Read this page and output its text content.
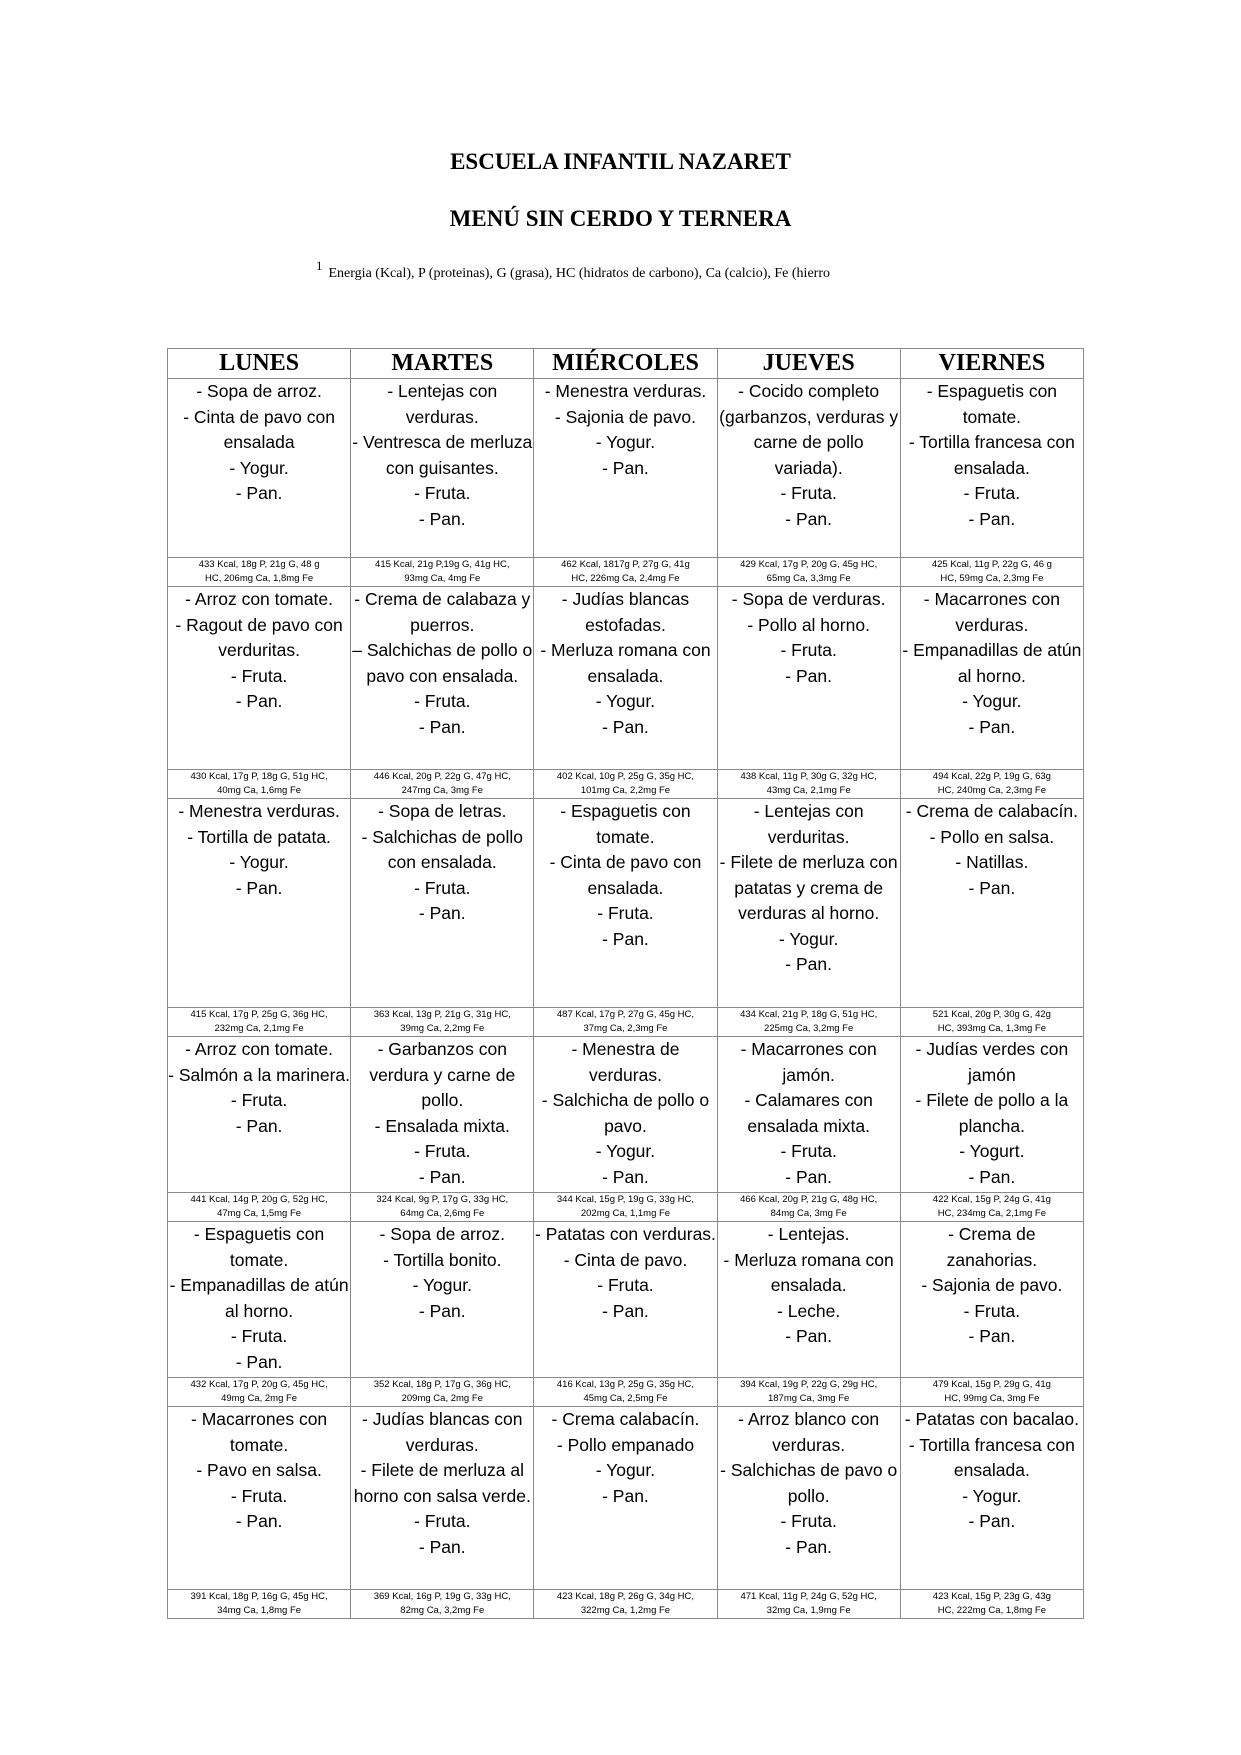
ESCUELA INFANTIL NAZARET
MENÚ SIN CERDO Y TERNERA
$^1$Energia (Kcal), P (proteinas), G (grasa), HC (hidratos de carbono), Ca (calcio), Fe (hierro
LUNES	MARTES	MIÉRCOLES	JUEVES	VIERNES

- Sopa de arroz.
- Cinta de pavo con ensalada
- Yogur.
- Pan.	- Lentejas con verduras.
- Ventresca de merluza con guisantes.
- Fruta.
- Pan.	- Menestra verduras.
- Sajonia de pavo.
- Yogur.
- Pan.	- Cocido completo (garbanzos, verduras y carne de pollo variada).
- Fruta.
- Pan.	- Espaguetis con tomate.
- Tortilla francesa con ensalada.
- Fruta.
- Pan.

433 Kcal, 18g P, 21g G, 48 g
HC, 206mg Ca, 1,8mg Fe	415 Kcal, 21g P,19g G, 41g HC,
93mg Ca, 4mg Fe	462 Kcal, 1817g P, 27g G, 41g
HC, 226mg Ca, 2,4mg Fe	429 Kcal, 17g P, 20g G, 45g HC,
65mg Ca, 3,3mg Fe	425 Kcal, 11g P, 22g G, 46 g
HC, 59mg Ca, 2,3mg Fe

- Arroz con tomate.
- Ragout de pavo con verduritas.
- Fruta.
- Pan.	- Crema de calabaza y puerros.
– Salchichas de pollo o pavo con ensalada.
- Fruta.
- Pan.	- Judías blancas estofadas.
- Merluza romana con ensalada.
- Yogur.
- Pan.	- Sopa de verduras.
- Pollo al horno.
- Fruta.
- Pan.	- Macarrones con verduras.
- Empanadillas de atún al horno.
- Yogur.
- Pan.

430 Kcal, 17g P, 18g G, 51g HC,
40mg Ca, 1,6mg Fe	446 Kcal, 20g P, 22g G, 47g HC,
247mg Ca, 3mg Fe	402 Kcal, 10g P, 25g G, 35g HC,
101mg Ca, 2,2mg Fe	438 Kcal, 11g P, 30g G, 32g HC,
43mg Ca, 2,1mg Fe	494 Kcal, 22g P, 19g G, 63g
HC, 240mg Ca, 2,3mg Fe

- Menestra verduras.
- Tortilla de patata.
- Yogur.
- Pan.	- Sopa de letras.
- Salchichas de pollo con ensalada.
- Fruta.
- Pan.	- Espaguetis con tomate.
- Cinta de pavo con ensalada.
- Fruta.
- Pan.	- Lentejas con verduritas.
- Filete de merluza con patatas y crema de verduras al horno.
- Yogur.
- Pan.	- Crema de calabacín.
- Pollo en salsa.
- Natillas.
- Pan.

415 Kcal, 17g P, 25g G, 36g HC,
232mg Ca, 2,1mg Fe	363 Kcal, 13g P, 21g G, 31g HC,
39mg Ca, 2,2mg Fe	487 Kcal, 17g P, 27g G, 45g HC,
37mg Ca, 2,3mg Fe	434 Kcal, 21g P, 18g G, 51g HC,
225mg Ca, 3,2mg Fe	521 Kcal, 20g P, 30g G, 42g
HC, 393mg Ca, 1,3mg Fe

- Arroz con tomate.
- Salmón a la marinera.
- Fruta.
- Pan.	- Garbanzos con verdura y carne de pollo.
- Ensalada mixta.
- Fruta.
- Pan.	- Menestra de verduras.
- Salchicha de pollo o pavo.
- Yogur.
- Pan.	- Macarrones con jamón.
- Calamares con ensalada mixta.
- Fruta.
- Pan.	- Judías verdes con jamón
- Filete de pollo a la plancha.
- Yogurt.
- Pan.

441 Kcal, 14g P, 20g G, 52g HC,
47mg Ca, 1,5mg Fe	324 Kcal, 9g P, 17g G, 33g HC,
64mg Ca, 2,6mg Fe	344 Kcal, 15g P, 19g G, 33g HC,
202mg Ca, 1,1mg Fe	466 Kcal, 20g P, 21g G, 48g HC,
84mg Ca, 3mg Fe	422 Kcal, 15g P, 24g G, 41g
HC, 234mg Ca, 2,1mg Fe

- Espaguetis con tomate.
- Empanadillas de atún al horno.
- Fruta.
- Pan.	- Sopa de arroz.
- Tortilla bonito.
- Yogur.
- Pan.	- Patatas con verduras.
- Cinta de pavo.
- Fruta.
- Pan.	- Lentejas.
- Merluza romana con ensalada.
- Leche.
- Pan.	- Crema de zanahorias.
- Sajonia de pavo.
- Fruta.
- Pan.

432 Kcal, 17g P, 20g G, 45g HC,
49mg Ca, 2mg Fe	352 Kcal, 18g P, 17g G, 36g HC,
209mg Ca, 2mg Fe	416 Kcal, 13g P, 25g G, 35g HC,
45mg Ca, 2,5mg Fe	394 Kcal, 19g P, 22g G, 29g HC,
187mg Ca, 3mg Fe	479 Kcal, 15g P, 29g G, 41g
HC, 99mg Ca, 3mg Fe

- Macarrones con tomate.
- Pavo en salsa.
- Fruta.
- Pan.	- Judías blancas con verduras.
- Filete de merluza al horno con salsa verde.
- Fruta.
- Pan.	- Crema calabacín.
- Pollo empanado
- Yogur.
- Pan.	- Arroz blanco con verduras.
- Salchichas de pavo o pollo.
- Fruta.
- Pan.	- Patatas con bacalao.
- Tortilla francesa con ensalada.
- Yogur.
- Pan.

391 Kcal, 18g P, 16g G, 45g HC,
34mg Ca, 1,8mg Fe	369 Kcal, 16g P, 19g G, 33g HC,
82mg Ca, 3,2mg Fe	423 Kcal, 18g P, 26g G, 34g HC,
322mg Ca, 1,2mg Fe	471 Kcal, 11g P, 24g G, 52g HC,
32mg Ca, 1,9mg Fe	423 Kcal, 15g P, 23g G, 43g
HC, 222mg Ca, 1,8mg Fe
